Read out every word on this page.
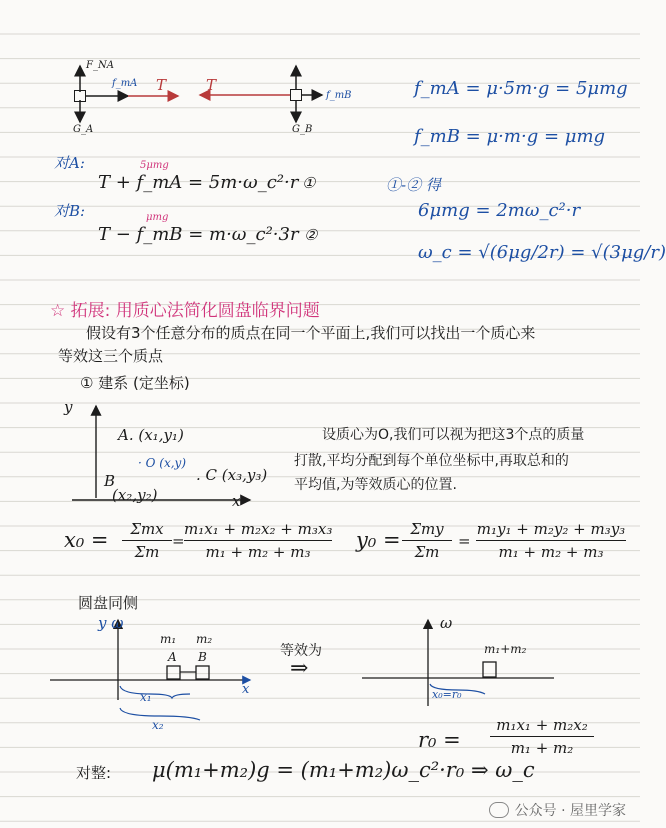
F_NA
f_mA T
G_A
T
f_mB
G_B
f_mA = μ·5m·g = 5μmg
f_mB = μ·m·g = μmg
对A:	5μmg
T + f_mA = 5m·ω_c²·r ①
对B:	μmg
T − f_mB = m·ω_c²·3r ②
①-② 得
6μmg = 2mω_c²·r
ω_c = √(6μg/2r) = √(3μg/r)
☆ 拓展: 用质心法简化圆盘临界问题
假设有3个任意分布的质点在同一个平面上,我们可以找出一个质心来
等效这三个质点
① 建系 (定坐标)
y
x
A. (x₁,y₁)
· O (x,y)
B
(x₂,y₂)
. C (x₃,y₃)
设质心为O,我们可以视为把这3个点的质量
打散,平均分配到每个单位坐标中,再取总和的
平均值,为等效质心的位置.
x₀ =	Σmx
Σm
=
m₁x₁ + m₂x₂ + m₃x₃
m₁ + m₂ + m₃	y₀ = Σmy
Σm
=
m₁y₁ + m₂y₂ + m₃y₃
m₁ + m₂ + m₃
圆盘同侧
y ω
m₁ m₂
A B
x
x₁
x₂
等效为
⇒
ω
m₁+m₂
x₀=r₀
r₀ =
m₁x₁ + m₂x₂
m₁ + m₂
对整: μ(m₁+m₂)g = (m₁+m₂)ω_c²·r₀ ⇒ ω_c
公众号 · 屋里学家
